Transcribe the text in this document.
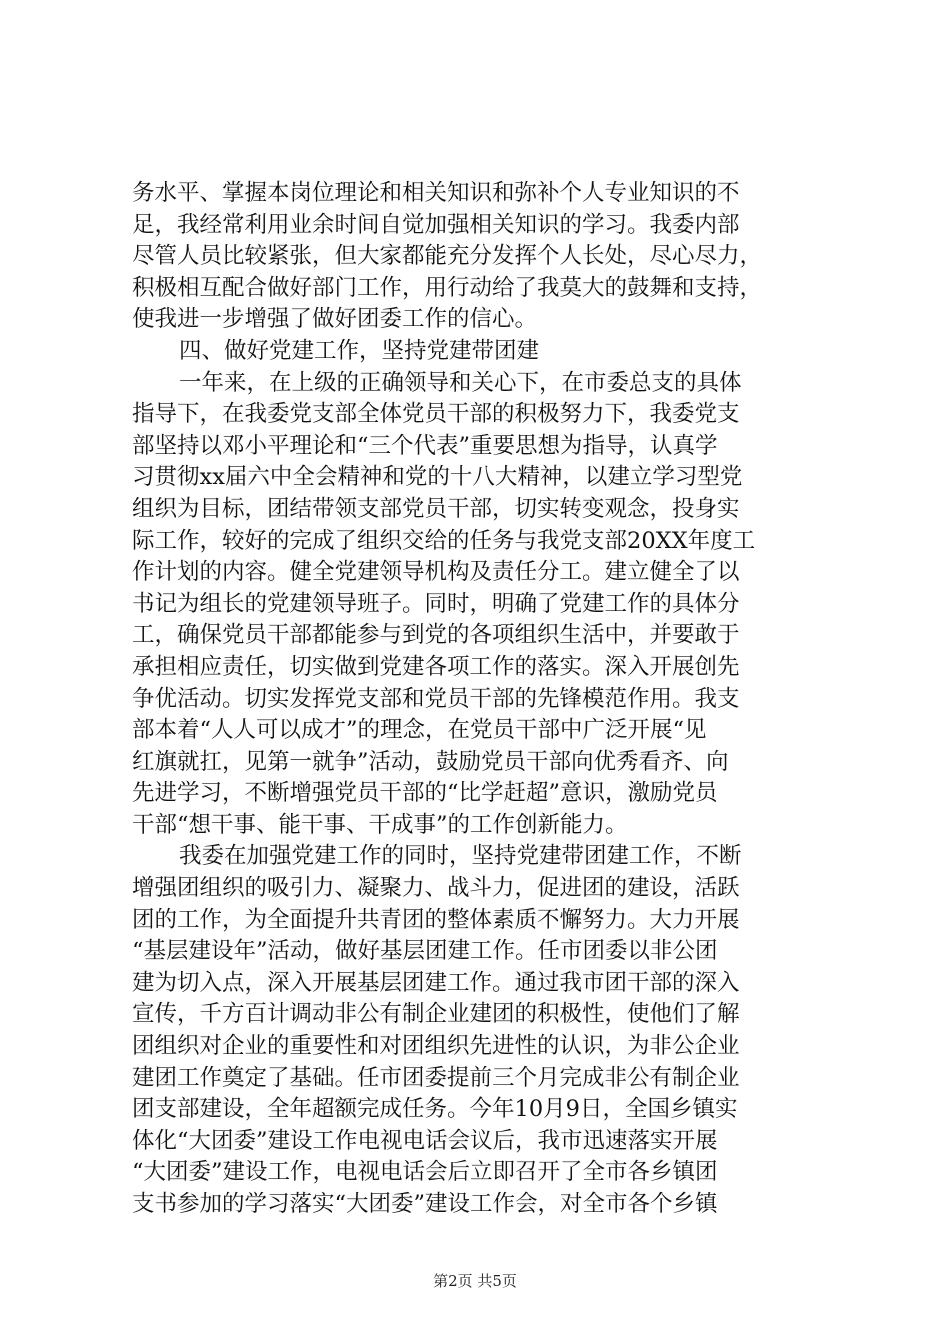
务水平、掌握本岗位理论和相关知识和弥补个人专业知识的不
足，我经常利用业余时间自觉加强相关知识的学习。我委内部
尽管人员比较紧张，但大家都能充分发挥个人长处，尽心尽力，
积极相互配合做好部门工作，用行动给了我莫大的鼓舞和支持，
使我进一步增强了做好团委工作的信心。
四、做好党建工作，坚持党建带团建
一年来，在上级的正确领导和关心下，在市委总支的具体
指导下，在我委党支部全体党员干部的积极努力下，我委党支
部坚持以邓小平理论和“三个代表”重要思想为指导，认真学
习贯彻xx届六中全会精神和党的十八大精神，以建立学习型党
组织为目标，团结带领支部党员干部，切实转变观念，投身实
际工作，较好的完成了组织交给的任务与我党支部20XX年度工
作计划的内容。健全党建领导机构及责任分工。建立健全了以
书记为组长的党建领导班子。同时，明确了党建工作的具体分
工，确保党员干部都能参与到党的各项组织生活中，并要敢于
承担相应责任，切实做到党建各项工作的落实。深入开展创先
争优活动。切实发挥党支部和党员干部的先锋模范作用。我支
部本着“人人可以成才”的理念，在党员干部中广泛开展“见
红旗就扛，见第一就争”活动，鼓励党员干部向优秀看齐、向
先进学习，不断增强党员干部的“比学赶超”意识，激励党员
干部“想干事、能干事、干成事”的工作创新能力。
我委在加强党建工作的同时，坚持党建带团建工作，不断
增强团组织的吸引力、凝聚力、战斗力，促进团的建设，活跃
团的工作，为全面提升共青团的整体素质不懈努力。大力开展
“基层建设年”活动，做好基层团建工作。任市团委以非公团
建为切入点，深入开展基层团建工作。通过我市团干部的深入
宣传，千方百计调动非公有制企业建团的积极性，使他们了解
团组织对企业的重要性和对团组织先进性的认识，为非公企业
建团工作奠定了基础。任市团委提前三个月完成非公有制企业
团支部建设，全年超额完成任务。今年10月9日，全国乡镇实
体化“大团委”建设工作电视电话会议后，我市迅速落实开展
“大团委”建设工作，电视电话会后立即召开了全市各乡镇团
支书参加的学习落实“大团委”建设工作会，对全市各个乡镇
第2页 共5页
